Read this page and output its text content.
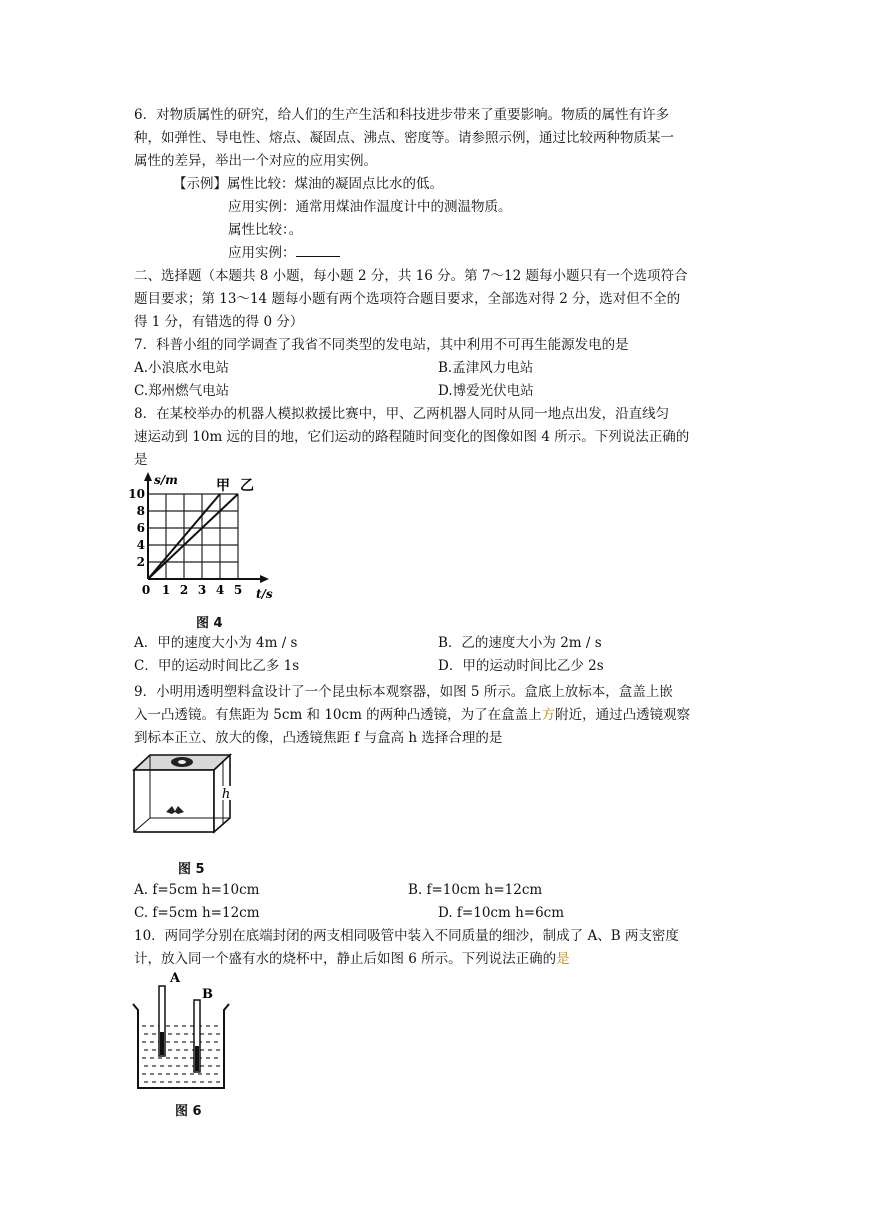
6．对物质属性的研究，给人们的生产生活和科技进步带来了重要影响。物质的属性有许多
种，如弹性、导电性、熔点、凝固点、沸点、密度等。请参照示例，通过比较两种物质某一
属性的差异，举出一个对应的应用实例。
【示例】属性比较：煤油的凝固点比水的低。
应用实例：通常用煤油作温度计中的测温物质。
属性比较：。
应用实例：
二、选择题（本题共 8 小题，每小题 2 分，共 16 分。第 7～12 题每小题只有一个选项符合
题目要求；第 13～14 题每小题有两个选项符合题目要求，全部选对得 2 分，选对但不全的
得 1 分，有错选的得 0 分）
7．科普小组的同学调查了我省不同类型的发电站，其中利用不可再生能源发电的是
A.小浪底水电站	B.孟津风力电站
C.郑州燃气电站	D.博爱光伏电站
8．在某校举办的机器人模拟救援比赛中，甲、乙两机器人同时从同一地点出发，沿直线匀
速运动到 10m 远的目的地，它们运动的路程随时间变化的图像如图 4 所示。下列说法正确的
是
s/m	甲 乙
10
8
6
4
2
0 1 2 3 4 5 t/s
图 4
A．甲的速度大小为 4m / s	B．乙的速度大小为 2m / s
C．甲的运动时间比乙多 1s	D．甲的运动时间比乙少 2s
9．小明用透明塑料盒设计了一个昆虫标本观察器，如图 5 所示。盒底上放标本，盒盖上嵌
入一凸透镜。有焦距为 5cm 和 10cm 的两种凸透镜，为了在盒盖上方附近，通过凸透镜观察
到标本正立、放大的像，凸透镜焦距 f 与盒高 h 选择合理的是
h
图 5
A. f=5cm h=10cm	B. f=10cm h=12cm
C. f=5cm h=12cm	D. f=10cm h=6cm
10．两同学分别在底端封闭的两支相同吸管中装入不同质量的细沙，制成了 A、B 两支密度
计，放入同一个盛有水的烧杯中，静止后如图 6 所示。下列说法正确的是
A
B
图 6
